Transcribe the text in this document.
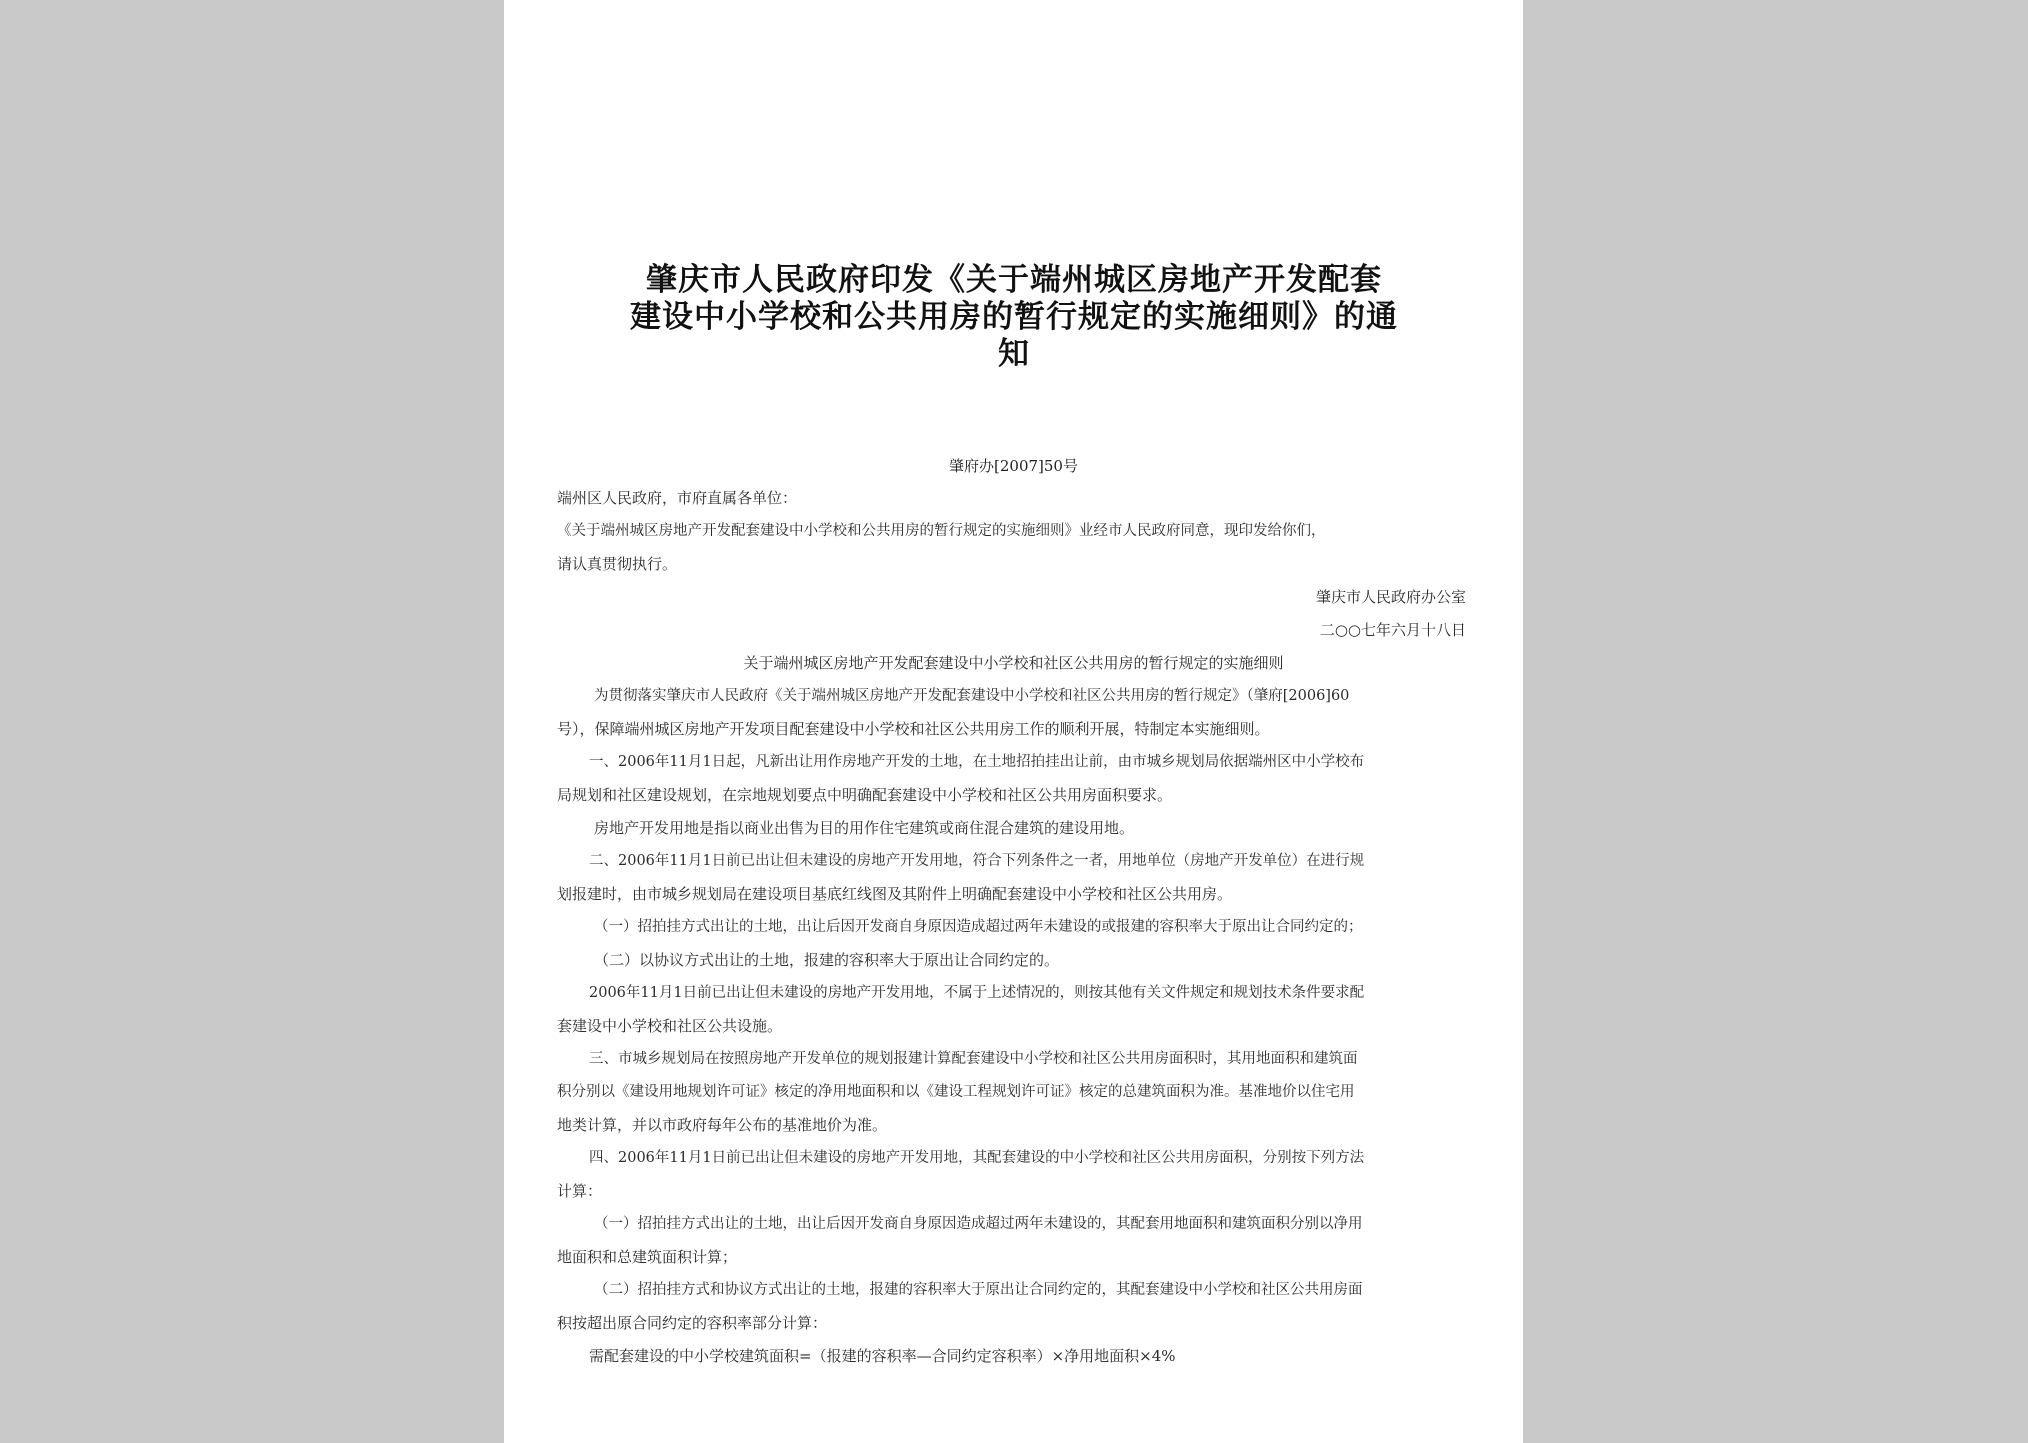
肇庆市人民政府印发《关于端州城区房地产开发配套
建设中小学校和公共用房的暂行规定的实施细则》的通
知
肇府办[2007]50号
端州区人民政府，市府直属各单位：
《关于端州城区房地产开发配套建设中小学校和公共用房的暂行规定的实施细则》业经市人民政府同意，现印发给你们，
请认真贯彻执行。
肇庆市人民政府办公室
二○○七年六月十八日
关于端州城区房地产开发配套建设中小学校和社区公共用房的暂行规定的实施细则
为贯彻落实肇庆市人民政府《关于端州城区房地产开发配套建设中小学校和社区公共用房的暂行规定》（肇府[2006]60
号），保障端州城区房地产开发项目配套建设中小学校和社区公共用房工作的顺利开展，特制定本实施细则。
一、2006年11月1日起，凡新出让用作房地产开发的土地，在土地招拍挂出让前，由市城乡规划局依据端州区中小学校布
局规划和社区建设规划，在宗地规划要点中明确配套建设中小学校和社区公共用房面积要求。
房地产开发用地是指以商业出售为目的用作住宅建筑或商住混合建筑的建设用地。
二、2006年11月1日前已出让但未建设的房地产开发用地，符合下列条件之一者，用地单位（房地产开发单位）在进行规
划报建时，由市城乡规划局在建设项目基底红线图及其附件上明确配套建设中小学校和社区公共用房。
（一）招拍挂方式出让的土地，出让后因开发商自身原因造成超过两年未建设的或报建的容积率大于原出让合同约定的；
（二）以协议方式出让的土地，报建的容积率大于原出让合同约定的。
2006年11月1日前已出让但未建设的房地产开发用地，不属于上述情况的，则按其他有关文件规定和规划技术条件要求配
套建设中小学校和社区公共设施。
三、市城乡规划局在按照房地产开发单位的规划报建计算配套建设中小学校和社区公共用房面积时，其用地面积和建筑面
积分别以《建设用地规划许可证》核定的净用地面积和以《建设工程规划许可证》核定的总建筑面积为准。基准地价以住宅用
地类计算，并以市政府每年公布的基准地价为准。
四、2006年11月1日前已出让但未建设的房地产开发用地，其配套建设的中小学校和社区公共用房面积，分别按下列方法
计算：
（一）招拍挂方式出让的土地，出让后因开发商自身原因造成超过两年未建设的，其配套用地面积和建筑面积分别以净用
地面积和总建筑面积计算；
（二）招拍挂方式和协议方式出让的土地，报建的容积率大于原出让合同约定的，其配套建设中小学校和社区公共用房面
积按超出原合同约定的容积率部分计算：
需配套建设的中小学校建筑面积=（报建的容积率—合同约定容积率）×净用地面积×4%
